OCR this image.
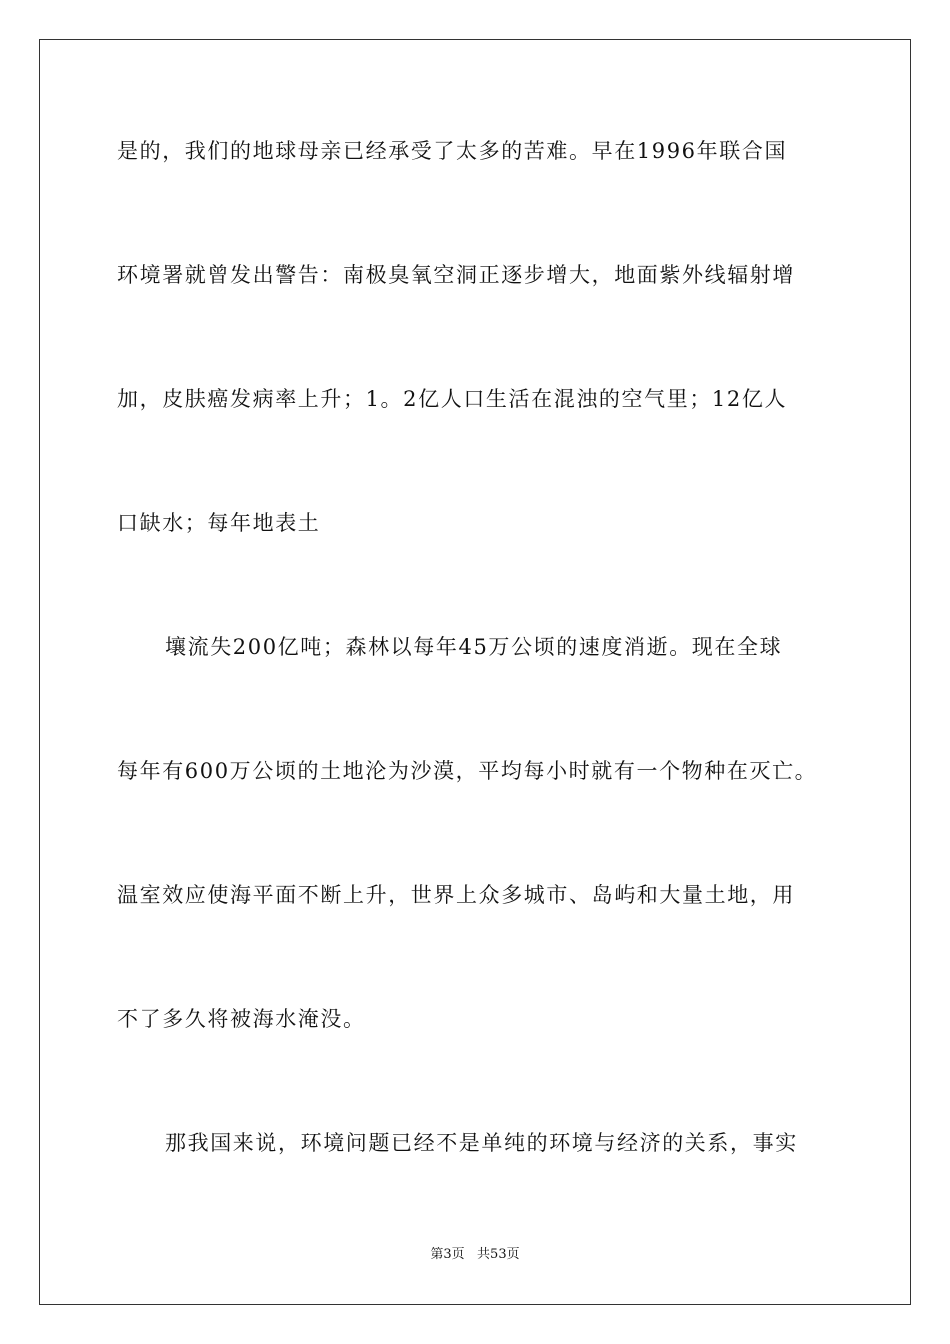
是的，我们的地球母亲已经承受了太多的苦难。早在1996年联合国
环境署就曾发出警告：南极臭氧空洞正逐步增大，地面紫外线辐射增
加，皮肤癌发病率上升；1。2亿人口生活在混浊的空气里；12亿人
口缺水；每年地表土
壤流失200亿吨；森林以每年45万公顷的速度消逝。现在全球
每年有600万公顷的土地沦为沙漠，平均每小时就有一个物种在灭亡。
温室效应使海平面不断上升，世界上众多城市、岛屿和大量土地，用
不了多久将被海水淹没。
那我国来说，环境问题已经不是单纯的环境与经济的关系，事实
第3页   共53页
